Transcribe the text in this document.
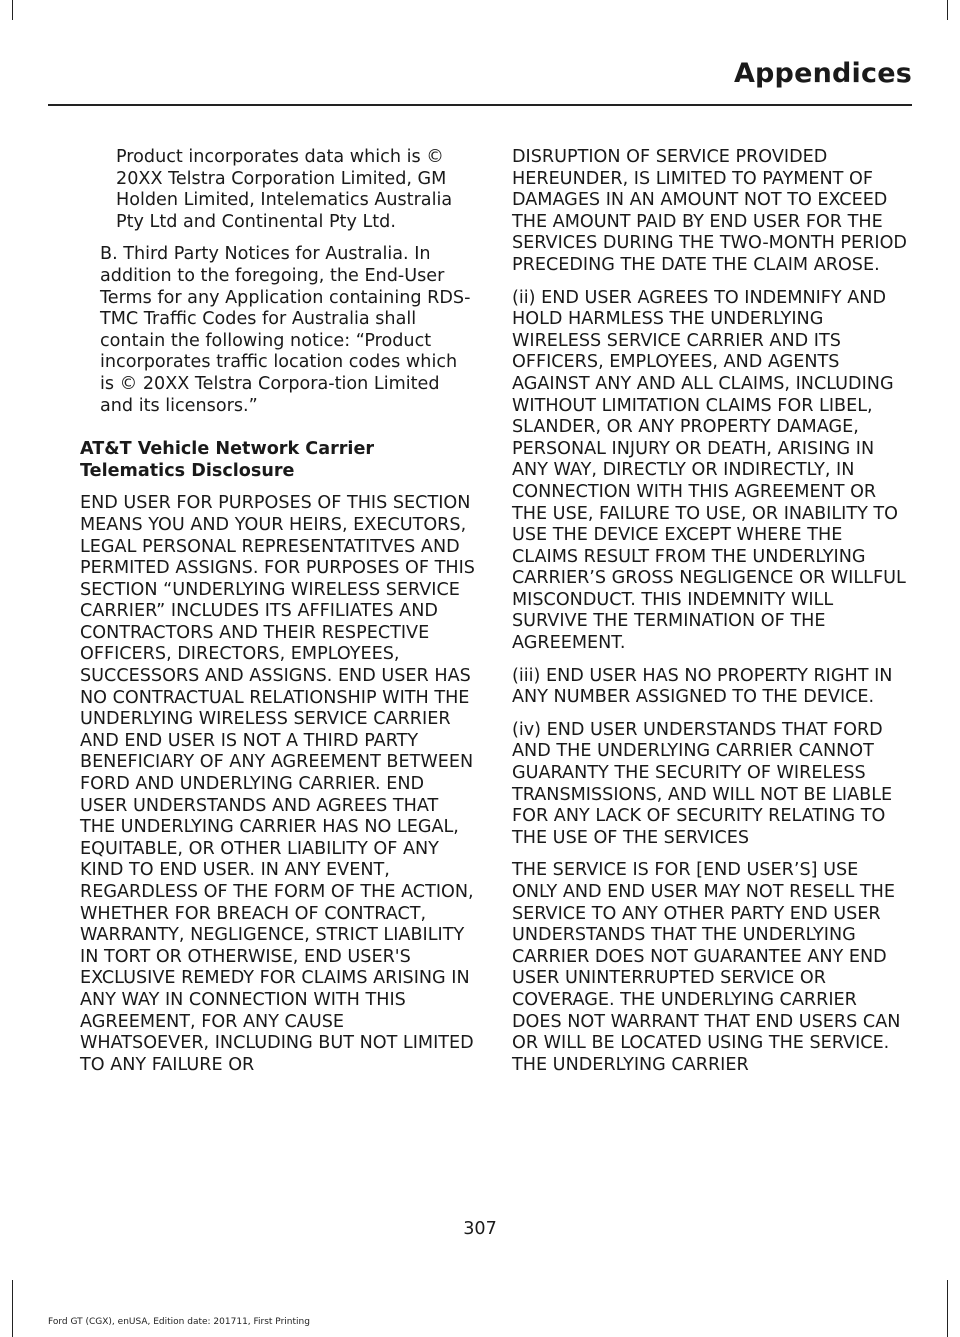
Appendices

Product incorporates data which is © 20XX Telstra Corporation Limited, GM Holden Limited, Intelematics Australia Pty Ltd and Continental Pty Ltd.

B. Third Party Notices for Australia. In addition to the foregoing, the End-User Terms for any Application containing RDS-TMC Traffic Codes for Australia shall contain the following notice: “Product incorporates traffic location codes which is © 20XX Telstra Corpora-tion Limited and its licensors.”

AT&T Vehicle Network Carrier Telematics Disclosure

END USER FOR PURPOSES OF THIS SECTION MEANS YOU AND YOUR HEIRS, EXECUTORS, LEGAL PERSONAL REPRESENTATITVES AND PERMITED ASSIGNS. FOR PURPOSES OF THIS SECTION “UNDERLYING WIRELESS SERVICE CARRIER” INCLUDES ITS AFFILIATES AND CONTRACTORS AND THEIR RESPECTIVE OFFICERS, DIRECTORS, EMPLOYEES, SUCCESSORS AND ASSIGNS. END USER HAS NO CONTRACTUAL RELATIONSHIP WITH THE UNDERLYING WIRELESS SERVICE CARRIER AND END USER IS NOT A THIRD PARTY BENEFICIARY OF ANY AGREEMENT BETWEEN FORD AND UNDERLYING CARRIER. END USER UNDERSTANDS AND AGREES THAT THE UNDERLYING CARRIER HAS NO LEGAL, EQUITABLE, OR OTHER LIABILITY OF ANY KIND TO END USER. IN ANY EVENT, REGARDLESS OF THE FORM OF THE ACTION, WHETHER FOR BREACH OF CONTRACT, WARRANTY, NEGLIGENCE, STRICT LIABILITY IN TORT OR OTHERWISE, END USER'S EXCLUSIVE REMEDY FOR CLAIMS ARISING IN ANY WAY IN CONNECTION WITH THIS AGREEMENT, FOR ANY CAUSE WHATSOEVER, INCLUDING BUT NOT LIMITED TO ANY FAILURE OR

DISRUPTION OF SERVICE PROVIDED HEREUNDER, IS LIMITED TO PAYMENT OF DAMAGES IN AN AMOUNT NOT TO EXCEED THE AMOUNT PAID BY END USER FOR THE SERVICES DURING THE TWO-MONTH PERIOD PRECEDING THE DATE THE CLAIM AROSE.

(ii) END USER AGREES TO INDEMNIFY AND HOLD HARMLESS THE UNDERLYING WIRELESS SERVICE CARRIER AND ITS OFFICERS, EMPLOYEES, AND AGENTS AGAINST ANY AND ALL CLAIMS, INCLUDING WITHOUT LIMITATION CLAIMS FOR LIBEL, SLANDER, OR ANY PROPERTY DAMAGE, PERSONAL INJURY OR DEATH, ARISING IN ANY WAY, DIRECTLY OR INDIRECTLY, IN CONNECTION WITH THIS AGREEMENT OR THE USE, FAILURE TO USE, OR INABILITY TO USE THE DEVICE EXCEPT WHERE THE CLAIMS RESULT FROM THE UNDERLYING CARRIER’S GROSS NEGLIGENCE OR WILLFUL MISCONDUCT. THIS INDEMNITY WILL SURVIVE THE TERMINATION OF THE AGREEMENT.

(iii) END USER HAS NO PROPERTY RIGHT IN ANY NUMBER ASSIGNED TO THE DEVICE.

(iv) END USER UNDERSTANDS THAT FORD AND THE UNDERLYING CARRIER CANNOT GUARANTY THE SECURITY OF WIRELESS TRANSMISSIONS, AND WILL NOT BE LIABLE FOR ANY LACK OF SECURITY RELATING TO THE USE OF THE SERVICES

THE SERVICE IS FOR [END USER’S] USE ONLY AND END USER MAY NOT RESELL THE SERVICE TO ANY OTHER PARTY END USER UNDERSTANDS THAT THE UNDERLYING CARRIER DOES NOT GUARANTEE ANY END USER UNINTERRUPTED SERVICE OR COVERAGE. THE UNDERLYING CARRIER DOES NOT WARRANT THAT END USERS CAN OR WILL BE LOCATED USING THE SERVICE. THE UNDERLYING CARRIER

307
Ford GT (CGX), enUSA, Edition date: 201711, First Printing
